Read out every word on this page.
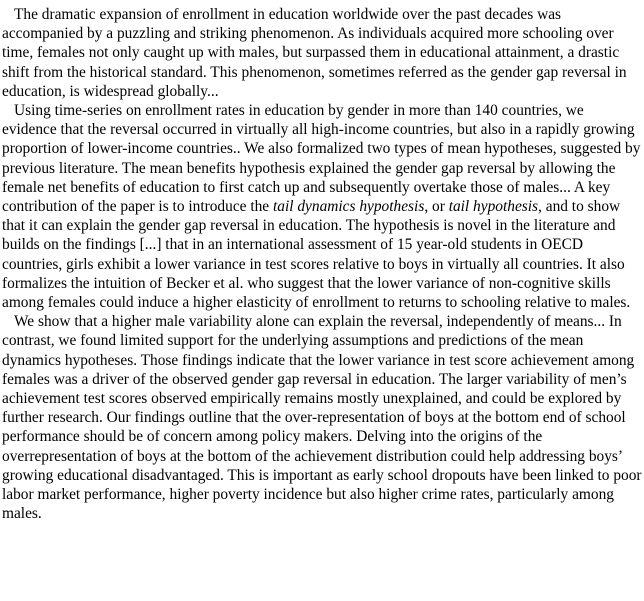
The dramatic expansion of enrollment in education worldwide over the past decades was accompanied by a puzzling and striking phenomenon. As individuals acquired more schooling over time, females not only caught up with males, but surpassed them in educational attainment, a drastic shift from the historical standard. This phenomenon, sometimes referred as the gender gap reversal in education, is widespread globally...

Using time-series on enrollment rates in education by gender in more than 140 countries, we evidence that the reversal occurred in virtually all high-income countries, but also in a rapidly growing proportion of lower-income countries.. We also formalized two types of mean hypotheses, suggested by previous literature. The mean benefits hypothesis explained the gender gap reversal by allowing the female net benefits of education to first catch up and subsequently overtake those of males... A key contribution of the paper is to introduce the tail dynamics hypothesis, or tail hypothesis, and to show that it can explain the gender gap reversal in education. The hypothesis is novel in the literature and builds on the findings [...] that in an international assessment of 15 year-old students in OECD countries, girls exhibit a lower variance in test scores relative to boys in virtually all countries. It also formalizes the intuition of Becker et al. who suggest that the lower variance of non-cognitive skills among females could induce a higher elasticity of enrollment to returns to schooling relative to males.

We show that a higher male variability alone can explain the reversal, independently of means... In contrast, we found limited support for the underlying assumptions and predictions of the mean dynamics hypotheses. Those findings indicate that the lower variance in test score achievement among females was a driver of the observed gender gap reversal in education. The larger variability of men’s achievement test scores observed empirically remains mostly unexplained, and could be explored by further research. Our findings outline that the over-representation of boys at the bottom end of school performance should be of concern among policy makers. Delving into the origins of the overrepresentation of boys at the bottom of the achievement distribution could help addressing boys’ growing educational disadvantaged. This is important as early school dropouts have been linked to poor labor market performance, higher poverty incidence but also higher crime rates, particularly among males.
